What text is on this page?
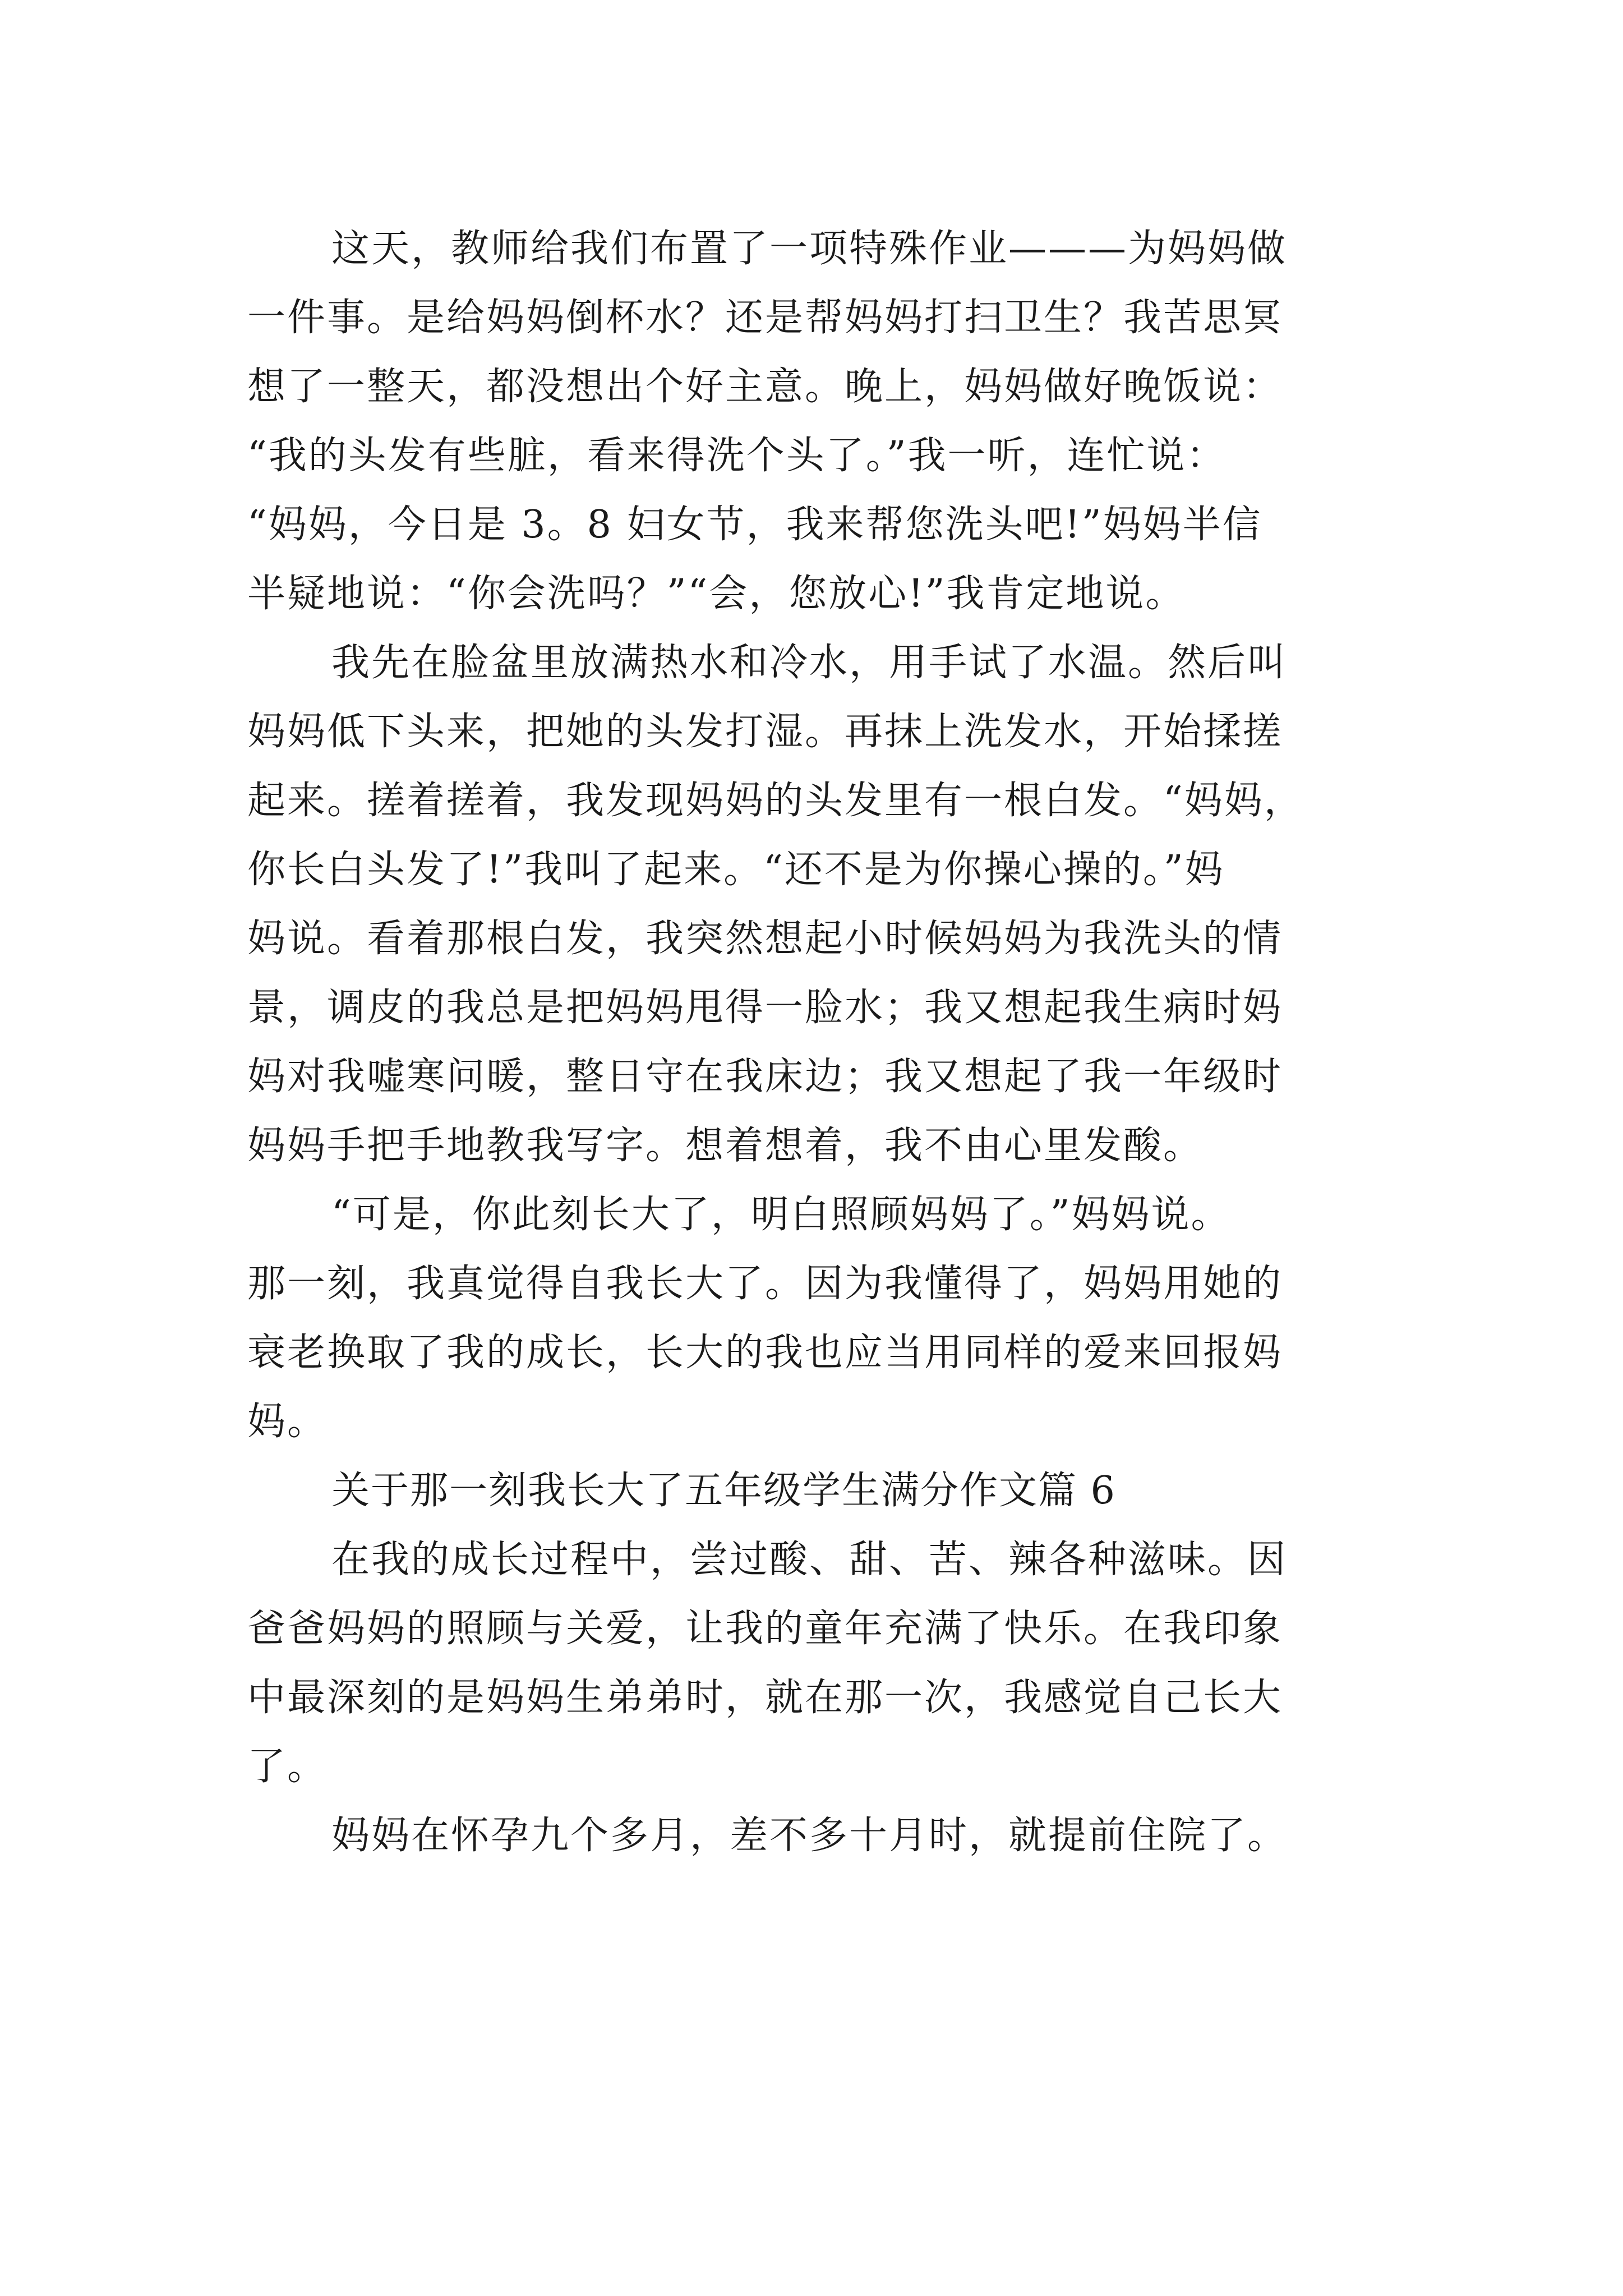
这天，教师给我们布置了一项特殊作业———为妈妈做
一件事。是给妈妈倒杯水？还是帮妈妈打扫卫生？我苦思冥
想了一整天，都没想出个好主意。晚上，妈妈做好晚饭说：
“我的头发有些脏，看来得洗个头了。”我一听，连忙说：
“妈妈，今日是 3。8 妇女节，我来帮您洗头吧!”妈妈半信
半疑地说：“你会洗吗？”“会，您放心!”我肯定地说。
我先在脸盆里放满热水和冷水，用手试了水温。然后叫
妈妈低下头来，把她的头发打湿。再抹上洗发水，开始揉搓
起来。搓着搓着，我发现妈妈的头发里有一根白发。“妈妈，
你长白头发了!”我叫了起来。“还不是为你操心操的。”妈
妈说。看着那根白发，我突然想起小时候妈妈为我洗头的情
景，调皮的我总是把妈妈甩得一脸水；我又想起我生病时妈
妈对我嘘寒问暖，整日守在我床边；我又想起了我一年级时
妈妈手把手地教我写字。想着想着，我不由心里发酸。
“可是，你此刻长大了，明白照顾妈妈了。”妈妈说。
那一刻，我真觉得自我长大了。因为我懂得了，妈妈用她的
衰老换取了我的成长，长大的我也应当用同样的爱来回报妈
妈。
关于那一刻我长大了五年级学生满分作文篇 6
在我的成长过程中，尝过酸、甜、苦、辣各种滋味。因
爸爸妈妈的照顾与关爱，让我的童年充满了快乐。在我印象
中最深刻的是妈妈生弟弟时，就在那一次，我感觉自己长大
了。
妈妈在怀孕九个多月，差不多十月时，就提前住院了。
